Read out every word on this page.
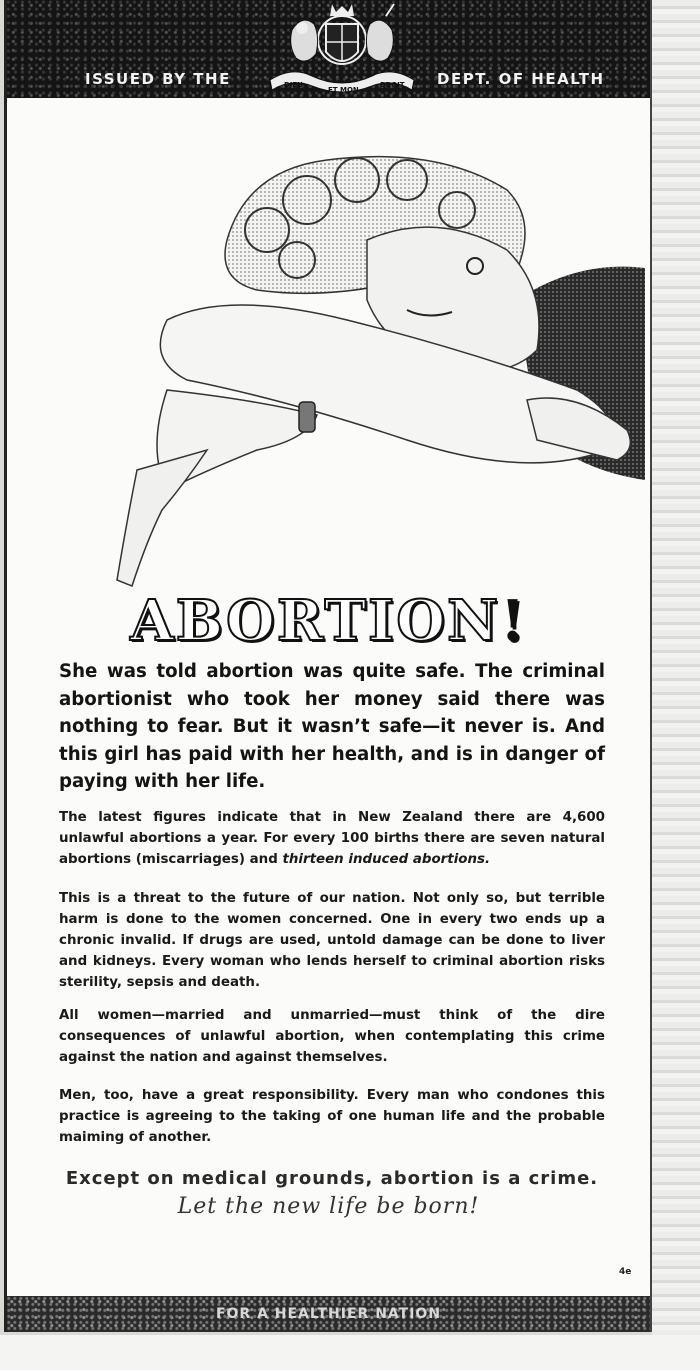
ISSUED BY THE	DIEU
ET MON
DROIT DEPT. OF HEALTH
ABORTION!
She was told abortion was quite safe. The criminal abortionist who took her money said there was nothing to fear. But it wasn’t safe—it never is. And this girl has paid with her health, and is in danger of paying with her life.
The latest figures indicate that in New Zealand there are 4,600 unlawful abortions a year. For every 100 births there are seven natural abortions (miscarriages) and thirteen induced abortions.
This is a threat to the future of our nation. Not only so, but terrible harm is done to the women concerned. One in every two ends up a chronic invalid. If drugs are used, untold damage can be done to liver and kidneys. Every woman who lends herself to criminal abortion risks sterility, sepsis and death.
All women—married and unmarried—must think of the dire consequences of unlawful abortion, when contemplating this crime against the nation and against themselves.
Men, too, have a great responsibility. Every man who condones this practice is agreeing to the taking of one human life and the probable maiming of another.
Except on medical grounds, abortion is a crime.
Let the new life be born!
4e
FOR A HEALTHIER NATION
